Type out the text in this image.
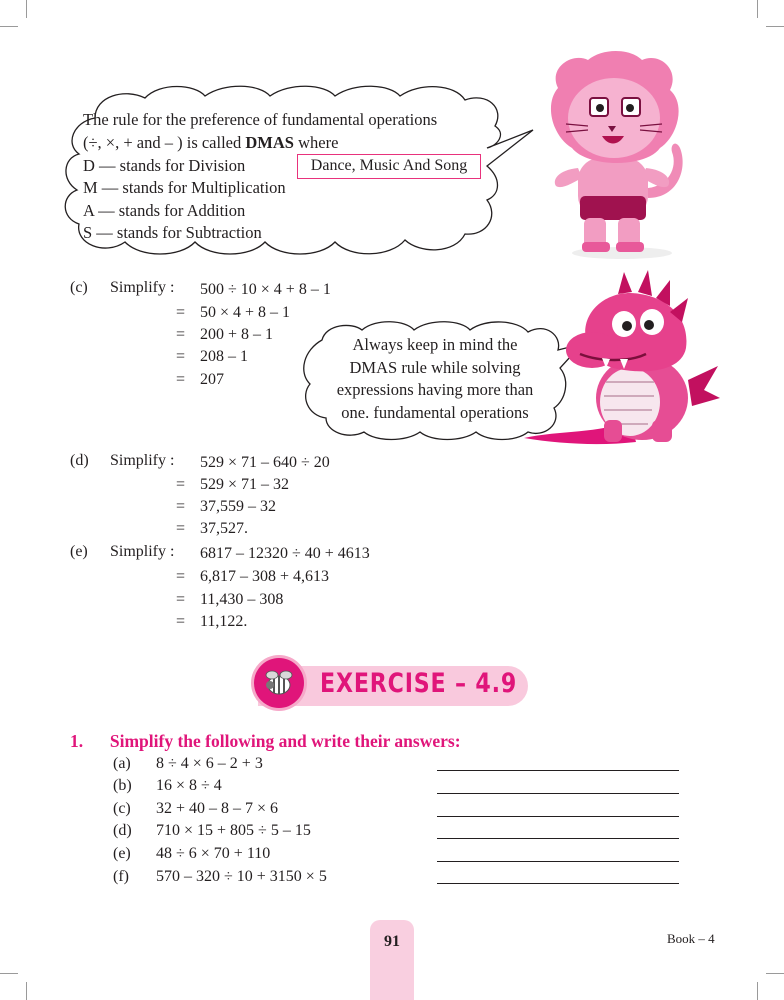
The rule for the preference of fundamental operations
(÷, ×, + and – ) is called DMAS where
D — stands for Division
M — stands for Multiplication
A — stands for Addition
S — stands for Subtraction
Dance, Music And Song
(c) Simplify : 500 ÷ 10 × 4 + 8 – 1
= 50 × 4 + 8 – 1
= 200 + 8 – 1
= 208 – 1
= 207
Always keep in mind the
DMAS rule while solving
expressions having more than
one. fundamental operations
(d) Simplify : 529 × 71 – 640 ÷ 20
= 529 × 71 – 32
= 37,559 – 32
= 37,527.
(e) Simplify : 6817 – 12320 ÷ 40 + 4613
= 6,817 – 308 + 4,613
= 11,430 – 308
= 11,122.
EXERCISE – 4.9
1. Simplify the following and write their answers:
(a) 8 ÷ 4 × 6 – 2 + 3
(b) 16 × 8 ÷ 4
(c) 32 + 40 – 8 – 7 × 6
(d) 710 × 15 + 805 ÷ 5 – 15
(e) 48 ÷ 6 × 70 + 110
(f) 570 – 320 ÷ 10 + 3150 × 5
91	Book – 4
